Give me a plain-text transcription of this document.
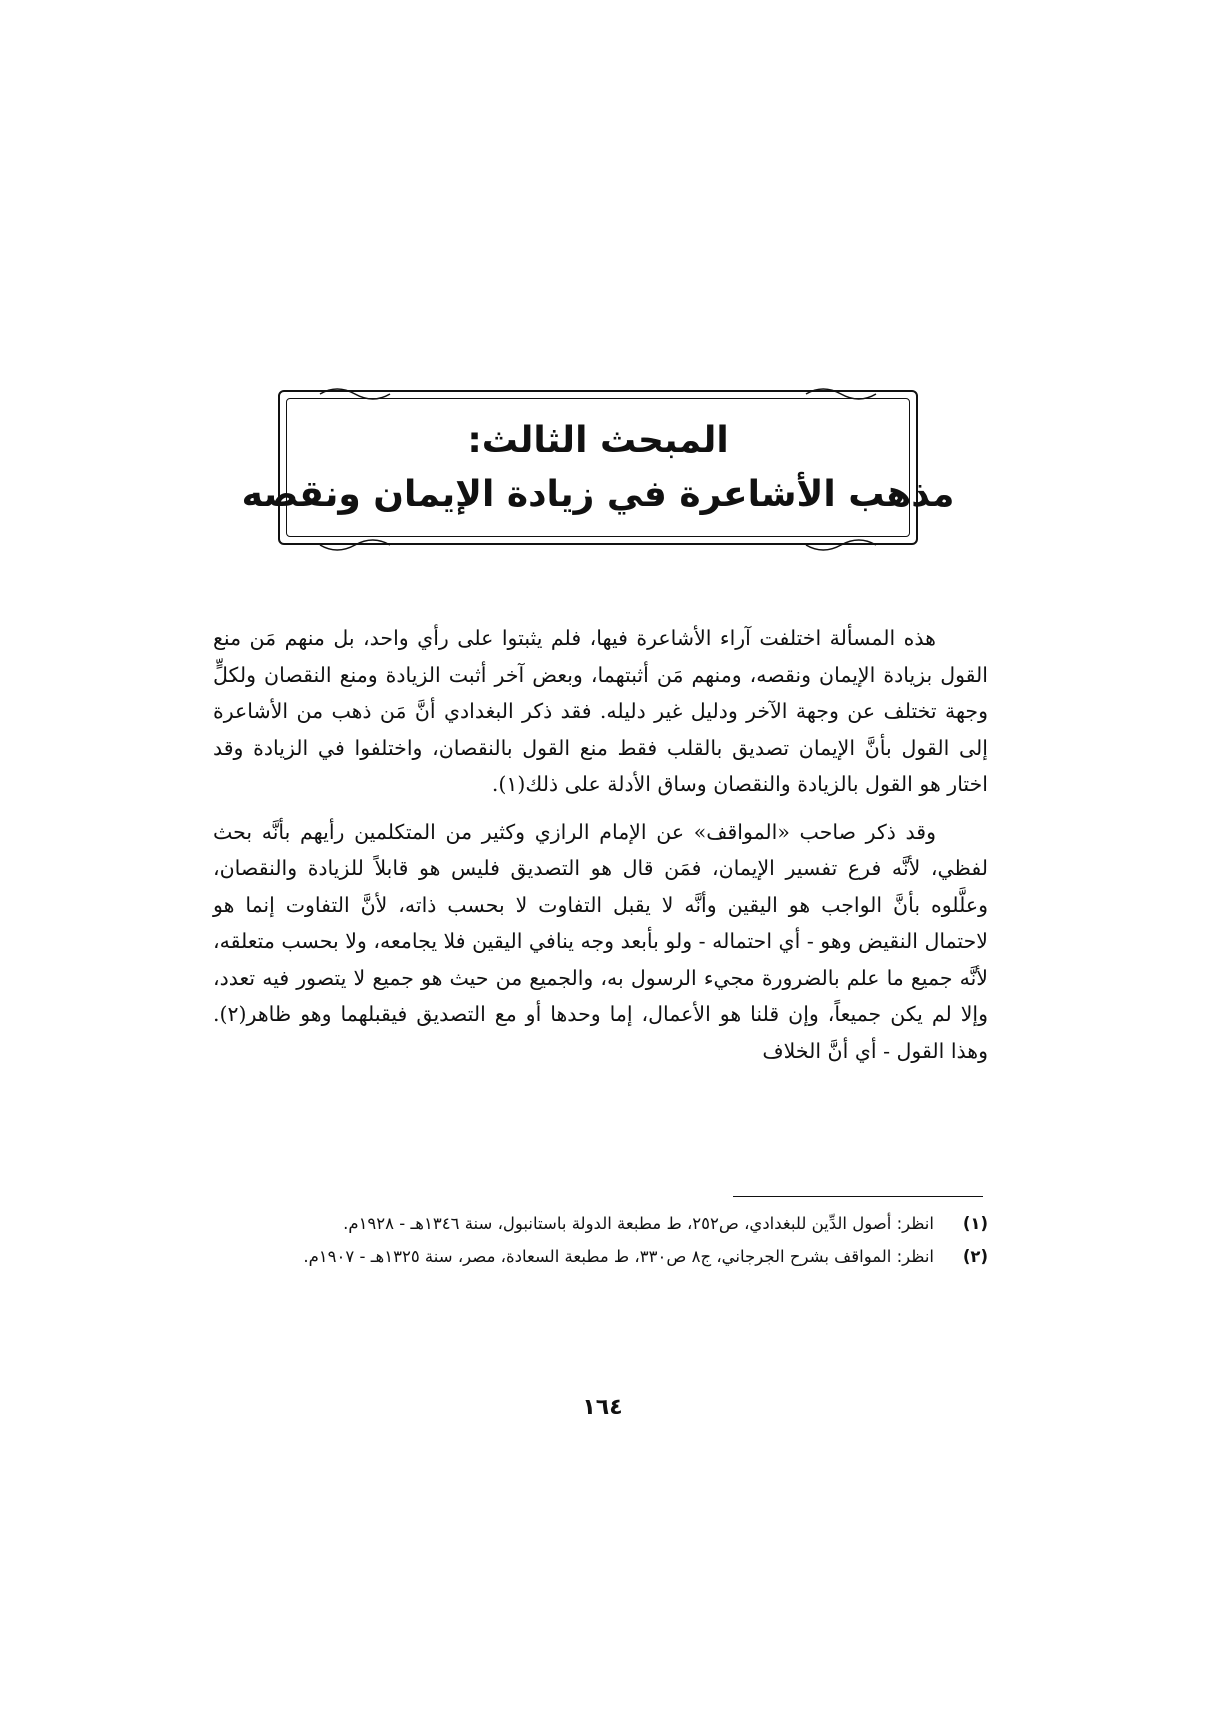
المبحث الثالث:
مذهب الأشاعرة في زيادة الإيمان ونقصه

هذه المسألة اختلفت آراء الأشاعرة فيها، فلم يثبتوا على رأي واحد، بل منهم مَن منع القول بزيادة الإيمان ونقصه، ومنهم مَن أثبتهما، وبعض آخر أثبت الزيادة ومنع النقصان ولكلٍّ وجهة تختلف عن وجهة الآخر ودليل غير دليله. فقد ذكر البغدادي أنَّ مَن ذهب من الأشاعرة إلى القول بأنَّ الإيمان تصديق بالقلب فقط منع القول بالنقصان، واختلفوا في الزيادة وقد اختار هو القول بالزيادة والنقصان وساق الأدلة على ذلك(١).

وقد ذكر صاحب «المواقف» عن الإمام الرازي وكثير من المتكلمين رأيهم بأنَّه بحث لفظي، لأنَّه فرع تفسير الإيمان، فمَن قال هو التصديق فليس هو قابلاً للزيادة والنقصان، وعلَّلوه بأنَّ الواجب هو اليقين وأنَّه لا يقبل التفاوت لا بحسب ذاته، لأنَّ التفاوت إنما هو لاحتمال النقيض وهو - أي احتماله - ولو بأبعد وجه ينافي اليقين فلا يجامعه، ولا بحسب متعلقه، لأنَّه جميع ما علم بالضرورة مجيء الرسول به، والجميع من حيث هو جميع لا يتصور فيه تعدد، وإلا لم يكن جميعاً، وإن قلنا هو الأعمال، إما وحدها أو مع التصديق فيقبلهما وهو ظاهر(٢). وهذا القول - أي أنَّ الخلاف

(١)
انظر: أصول الدِّين للبغدادي، ص٢٥٢، ط مطبعة الدولة باستانبول، سنة ١٣٤٦هـ - ١٩٢٨م.
(٢)
انظر: المواقف بشرح الجرجاني، ج٨ ص٣٣٠، ط مطبعة السعادة، مصر، سنة ١٣٢٥هـ - ١٩٠٧م.
١٦٤
